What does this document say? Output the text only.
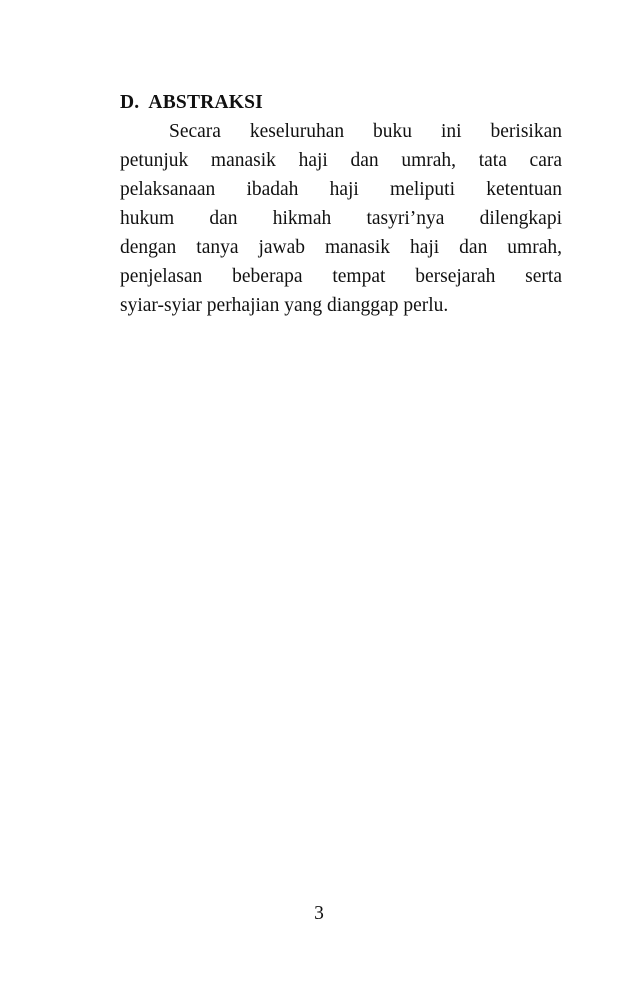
D.  ABSTRAKSI

Secara keseluruhan buku ini berisikan
petunjuk manasik haji dan umrah, tata cara
pelaksanaan ibadah haji meliputi ketentuan
hukum dan hikmah tasyri’nya dilengkapi
dengan tanya jawab manasik haji dan umrah,
penjelasan beberapa tempat bersejarah serta
syiar-syiar perhajian yang dianggap perlu.

3
